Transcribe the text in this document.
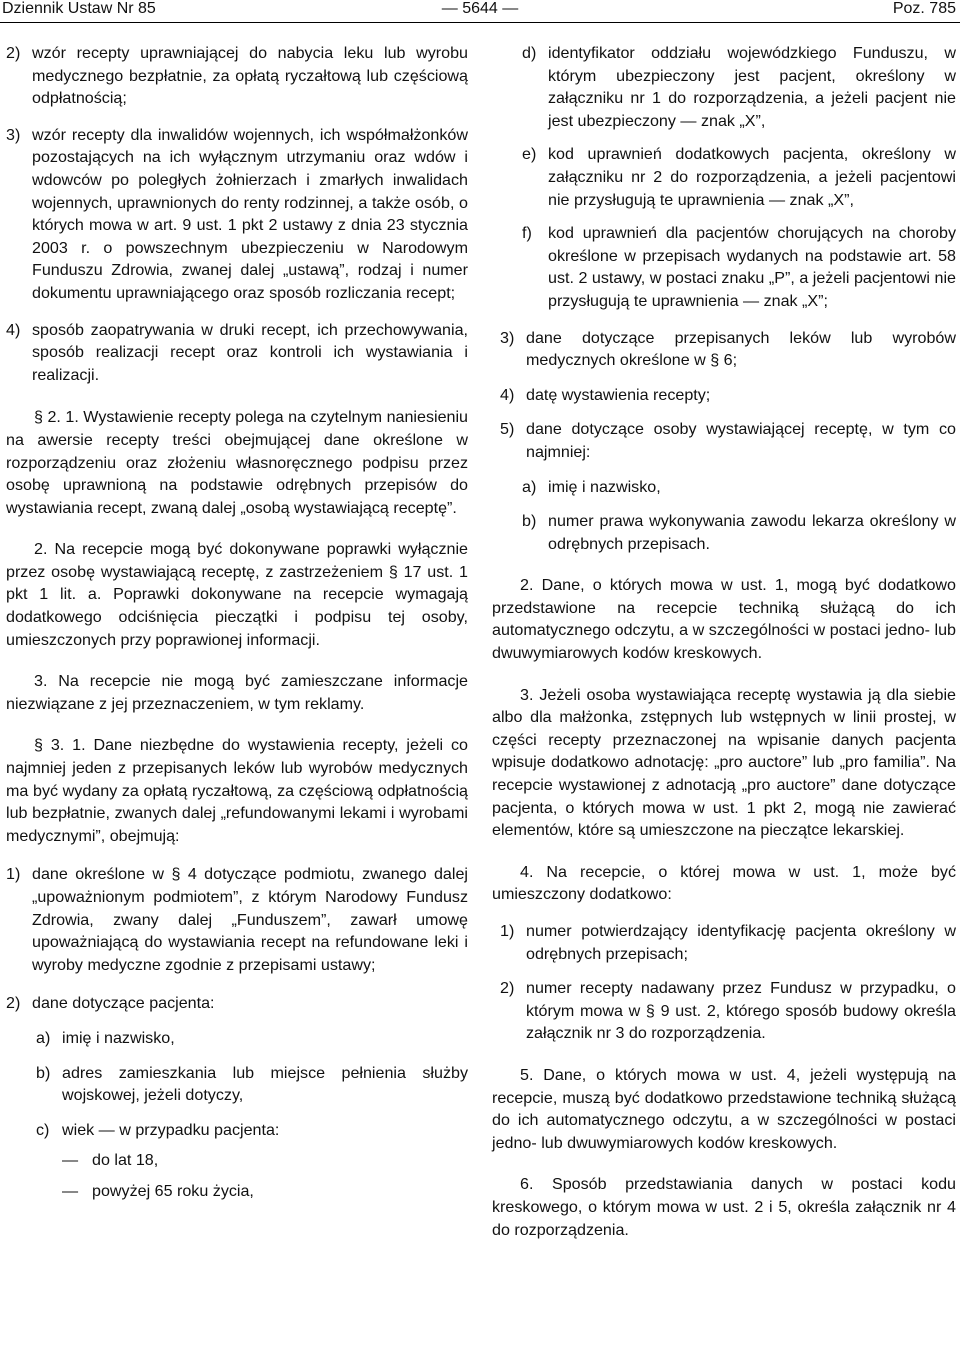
Dziennik Ustaw Nr 85	— 5644 —	Poz. 785
2) wzór recepty uprawniającej do nabycia leku lub wyrobu medycznego bezpłatnie, za opłatą ryczałtową lub częściową odpłatnością;

3) wzór recepty dla inwalidów wojennych, ich współmałżonków pozostających na ich wyłącznym utrzymaniu oraz wdów i wdowców po poległych żołnierzach i zmarłych inwalidach wojennych, uprawnionych do renty rodzinnej, a także osób, o których mowa w art. 9 ust. 1 pkt 2 ustawy z dnia 23 stycznia 2003 r. o powszechnym ubezpieczeniu w Narodowym Funduszu Zdrowia, zwanej dalej „ustawą”, rodzaj i numer dokumentu uprawniającego oraz sposób rozliczania recept;

4) sposób zaopatrywania w druki recept, ich przechowywania, sposób realizacji recept oraz kontroli ich wystawiania i realizacji.

§ 2. 1. Wystawienie recepty polega na czytelnym naniesieniu na awersie recepty treści obejmującej dane określone w rozporządzeniu oraz złożeniu własnoręcznego podpisu przez osobę uprawnioną na podstawie odrębnych przepisów do wystawiania recept, zwaną dalej „osobą wystawiającą receptę”.

2. Na recepcie mogą być dokonywane poprawki wyłącznie przez osobę wystawiającą receptę, z zastrzeżeniem § 17 ust. 1 pkt 1 lit. a. Poprawki dokonywane na recepcie wymagają dodatkowego odciśnięcia pieczątki i podpisu tej osoby, umieszczonych przy poprawionej informacji.

3. Na recepcie nie mogą być zamieszczane informacje niezwiązane z jej przeznaczeniem, w tym reklamy.

§ 3. 1. Dane niezbędne do wystawienia recepty, jeżeli co najmniej jeden z przepisanych leków lub wyrobów medycznych ma być wydany za opłatą ryczałtową, za częściową odpłatnością lub bezpłatnie, zwanych dalej „refundowanymi lekami i wyrobami medycznymi”, obejmują:

1) dane określone w § 4 dotyczące podmiotu, zwanego dalej „upoważnionym podmiotem”, z którym Narodowy Fundusz Zdrowia, zwany dalej „Funduszem”, zawarł umowę upoważniającą do wystawiania recept na refundowane leki i wyroby medyczne zgodnie z przepisami ustawy;

2) dane dotyczące pacjenta:

a) imię i nazwisko,

b) adres zamieszkania lub miejsce pełnienia służby wojskowej, jeżeli dotyczy,

c) wiek — w przypadku pacjenta:

— do lat 18,

— powyżej 65 roku życia,

d) identyfikator oddziału wojewódzkiego Funduszu, w którym ubezpieczony jest pacjent, określony w załączniku nr 1 do rozporządzenia, a jeżeli pacjent nie jest ubezpieczony — znak „X”,

e) kod uprawnień dodatkowych pacjenta, określony w załączniku nr 2 do rozporządzenia, a jeżeli pacjentowi nie przysługują te uprawnienia — znak „X”,

f) kod uprawnień dla pacjentów chorujących na choroby określone w przepisach wydanych na podstawie art. 58 ust. 2 ustawy, w postaci znaku „P”, a jeżeli pacjentowi nie przysługują te uprawnienia — znak „X”;

3) dane dotyczące przepisanych leków lub wyrobów medycznych określone w § 6;

4) datę wystawienia recepty;

5) dane dotyczące osoby wystawiającej receptę, w tym co najmniej:

a) imię i nazwisko,

b) numer prawa wykonywania zawodu lekarza określony w odrębnych przepisach.

2. Dane, o których mowa w ust. 1, mogą być dodatkowo przedstawione na recepcie techniką służącą do ich automatycznego odczytu, a w szczególności w postaci jedno- lub dwuwymiarowych kodów kreskowych.

3. Jeżeli osoba wystawiająca receptę wystawia ją dla siebie albo dla małżonka, zstępnych lub wstępnych w linii prostej, w części recepty przeznaczonej na wpisanie danych pacjenta wpisuje dodatkowo adnotację: „pro auctore” lub „pro familia”. Na recepcie wystawionej z adnotacją „pro auctore” dane dotyczące pacjenta, o których mowa w ust. 1 pkt 2, mogą nie zawierać elementów, które są umieszczone na pieczątce lekarskiej.

4. Na recepcie, o której mowa w ust. 1, może być umieszczony dodatkowo:

1) numer potwierdzający identyfikację pacjenta określony w odrębnych przepisach;

2) numer recepty nadawany przez Fundusz w przypadku, o którym mowa w § 9 ust. 2, którego sposób budowy określa załącznik nr 3 do rozporządzenia.

5. Dane, o których mowa w ust. 4, jeżeli występują na recepcie, muszą być dodatkowo przedstawione techniką służącą do ich automatycznego odczytu, a w szczególności w postaci jedno- lub dwuwymiarowych kodów kreskowych.

6. Sposób przedstawiania danych w postaci kodu kreskowego, o którym mowa w ust. 2 i 5, określa załącznik nr 4 do rozporządzenia.
